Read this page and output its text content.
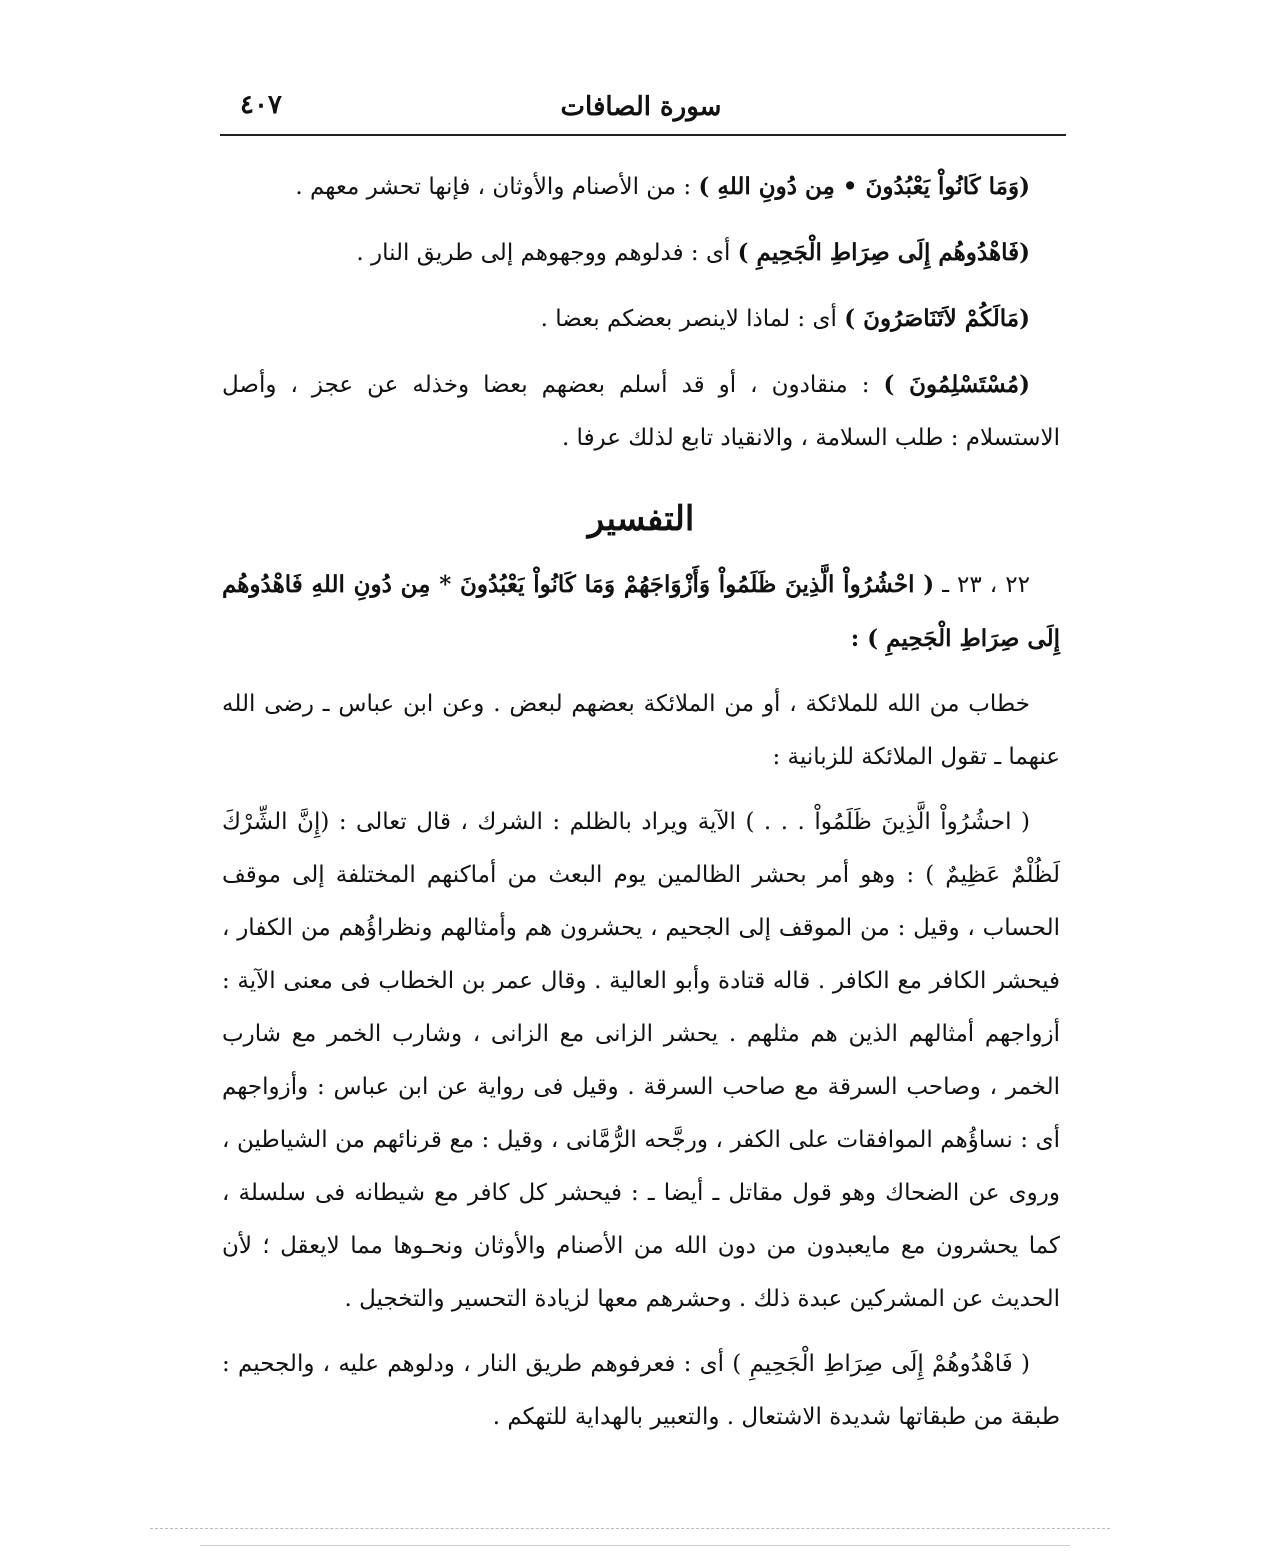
سورة الصافات
٤٠٧

(وَمَا كَانُواْ يَعْبُدُونَ • مِن دُونِ اللهِ ) : من الأصنام والأوثان ، فإنها تحشر معهم .

(فَاهْدُوهُم إِلَى صِرَاطِ الْجَحِيمِ ) أى : فدلوهم ووجهوهم إلى طريق النار .

(مَالَكُمْ لاَتَنَاصَرُونَ ) أى : لماذا لاينصر بعضكم بعضا .

(مُسْتَسْلِمُونَ ) : منقادون ، أو قد أسلم بعضهم بعضا وخذله عن عجز ، وأصل الاستسلام : طلب السلامة ، والانقياد تابع لذلك عرفا .

التفسير

٢٢ ، ٢٣ ـ ( احْشُرُواْ الَّذِينَ ظَلَمُواْ وَأَزْوَاجَهُمْ وَمَا كَانُواْ يَعْبُدُونَ * مِن دُونِ اللهِ فَاهْدُوهُم إِلَى صِرَاطِ الْجَحِيمِ ) :

خطاب من الله للملائكة ، أو من الملائكة بعضهم لبعض . وعن ابن عباس ـ رضى الله عنهما ـ تقول الملائكة للزبانية :

( احشُرُواْ الَّذِينَ ظَلَمُواْ . . . ) الآية ويراد بالظلم : الشرك ، قال تعالى : (إِنَّ الشِّرْكَ لَظُلْمٌ عَظِيمٌ ) : وهو أمر بحشر الظالمين يوم البعث من أماكنهم المختلفة إلى موقف الحساب ، وقيل : من الموقف إلى الجحيم ، يحشرون هم وأمثالهم ونظراؤُهم من الكفار ، فيحشر الكافر مع الكافر . قاله قتادة وأبو العالية . وقال عمر بن الخطاب فى معنى الآية : أزواجهم أمثالهم الذين هم مثلهم . يحشر الزانى مع الزانى ، وشارب الخمر مع شارب الخمر ، وصاحب السرقة مع صاحب السرقة . وقيل فى رواية عن ابن عباس : وأزواجهم أى : نساؤُهم الموافقات على الكفر ، ورجَّحه الرُّمَّانى ، وقيل : مع قرنائهم من الشياطين ، وروى عن الضحاك وهو قول مقاتل ـ أيضا ـ : فيحشر كل كافر مع شيطانه فى سلسلة ، كما يحشرون مع مايعبدون من دون الله من الأصنام والأوثان ونحـوها مما لايعقل ؛ لأن الحديث عن المشركين عبدة ذلك . وحشرهم معها لزيادة التحسير والتخجيل .

( فَاهْدُوهُمْ إِلَى صِرَاطِ الْجَحِيمِ ) أى : فعرفوهم طريق النار ، ودلوهم عليه ، والجحيم : طبقة من طبقاتها شديدة الاشتعال . والتعبير بالهداية للتهكم .
